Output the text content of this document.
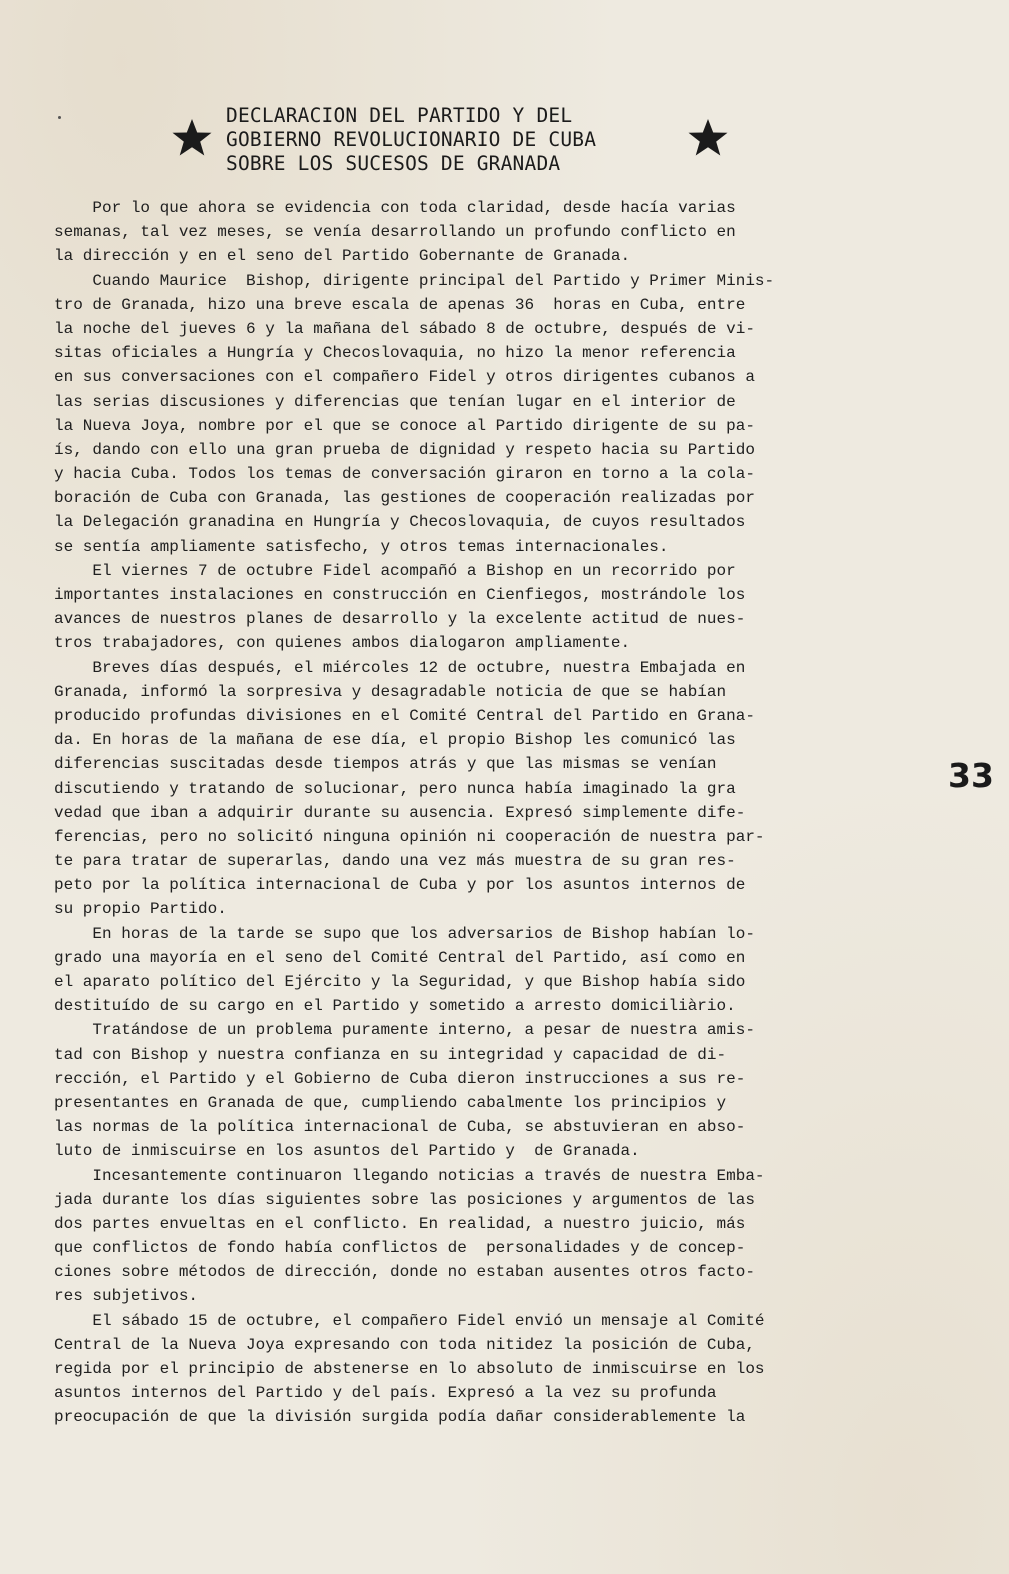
DECLARACION DEL PARTIDO Y DEL
GOBIERNO REVOLUCIONARIO DE CUBA
SOBRE LOS SUCESOS DE GRANADA
Por lo que ahora se evidencia con toda claridad, desde hacía varias
semanas, tal vez meses, se venía desarrollando un profundo conflicto en
la dirección y en el seno del Partido Gobernante de Granada.
Cuando Maurice  Bishop, dirigente principal del Partido y Primer Minis-
tro de Granada, hizo una breve escala de apenas 36  horas en Cuba, entre
la noche del jueves 6 y la mañana del sábado 8 de octubre, después de vi-
sitas oficiales a Hungría y Checoslovaquia, no hizo la menor referencia
en sus conversaciones con el compañero Fidel y otros dirigentes cubanos a
las serias discusiones y diferencias que tenían lugar en el interior de
la Nueva Joya, nombre por el que se conoce al Partido dirigente de su pa-
ís, dando con ello una gran prueba de dignidad y respeto hacia su Partido
y hacia Cuba. Todos los temas de conversación giraron en torno a la cola-
boración de Cuba con Granada, las gestiones de cooperación realizadas por
la Delegación granadina en Hungría y Checoslovaquia, de cuyos resultados
se sentía ampliamente satisfecho, y otros temas internacionales.
El viernes 7 de octubre Fidel acompañó a Bishop en un recorrido por
importantes instalaciones en construcción en Cienfiegos, mostrándole los
avances de nuestros planes de desarrollo y la excelente actitud de nues-
tros trabajadores, con quienes ambos dialogaron ampliamente.
Breves días después, el miércoles 12 de octubre, nuestra Embajada en
Granada, informó la sorpresiva y desagradable noticia de que se habían
producido profundas divisiones en el Comité Central del Partido en Grana-
da. En horas de la mañana de ese día, el propio Bishop les comunicó las
diferencias suscitadas desde tiempos atrás y que las mismas se venían
discutiendo y tratando de solucionar, pero nunca había imaginado la gra
vedad que iban a adquirir durante su ausencia. Expresó simplemente dife-
ferencias, pero no solicitó ninguna opinión ni cooperación de nuestra par-
te para tratar de superarlas, dando una vez más muestra de su gran res-
peto por la política internacional de Cuba y por los asuntos internos de
su propio Partido.
En horas de la tarde se supo que los adversarios de Bishop habían lo-
grado una mayoría en el seno del Comité Central del Partido, así como en
el aparato político del Ejército y la Seguridad, y que Bishop había sido
destituído de su cargo en el Partido y sometido a arresto domiciliàrio.
Tratándose de un problema puramente interno, a pesar de nuestra amis-
tad con Bishop y nuestra confianza en su integridad y capacidad de di-
rección, el Partido y el Gobierno de Cuba dieron instrucciones a sus re-
presentantes en Granada de que, cumpliendo cabalmente los principios y
las normas de la política internacional de Cuba, se abstuvieran en abso-
luto de inmiscuirse en los asuntos del Partido y  de Granada.
Incesantemente continuaron llegando noticias a través de nuestra Emba-
jada durante los días siguientes sobre las posiciones y argumentos de las
dos partes envueltas en el conflicto. En realidad, a nuestro juicio, más
que conflictos de fondo había conflictos de  personalidades y de concep-
ciones sobre métodos de dirección, donde no estaban ausentes otros facto-
res subjetivos.
El sábado 15 de octubre, el compañero Fidel envió un mensaje al Comité
Central de la Nueva Joya expresando con toda nitidez la posición de Cuba,
regida por el principio de abstenerse en lo absoluto de inmiscuirse en los
asuntos internos del Partido y del país. Expresó a la vez su profunda
preocupación de que la división surgida podía dañar considerablemente la
33
